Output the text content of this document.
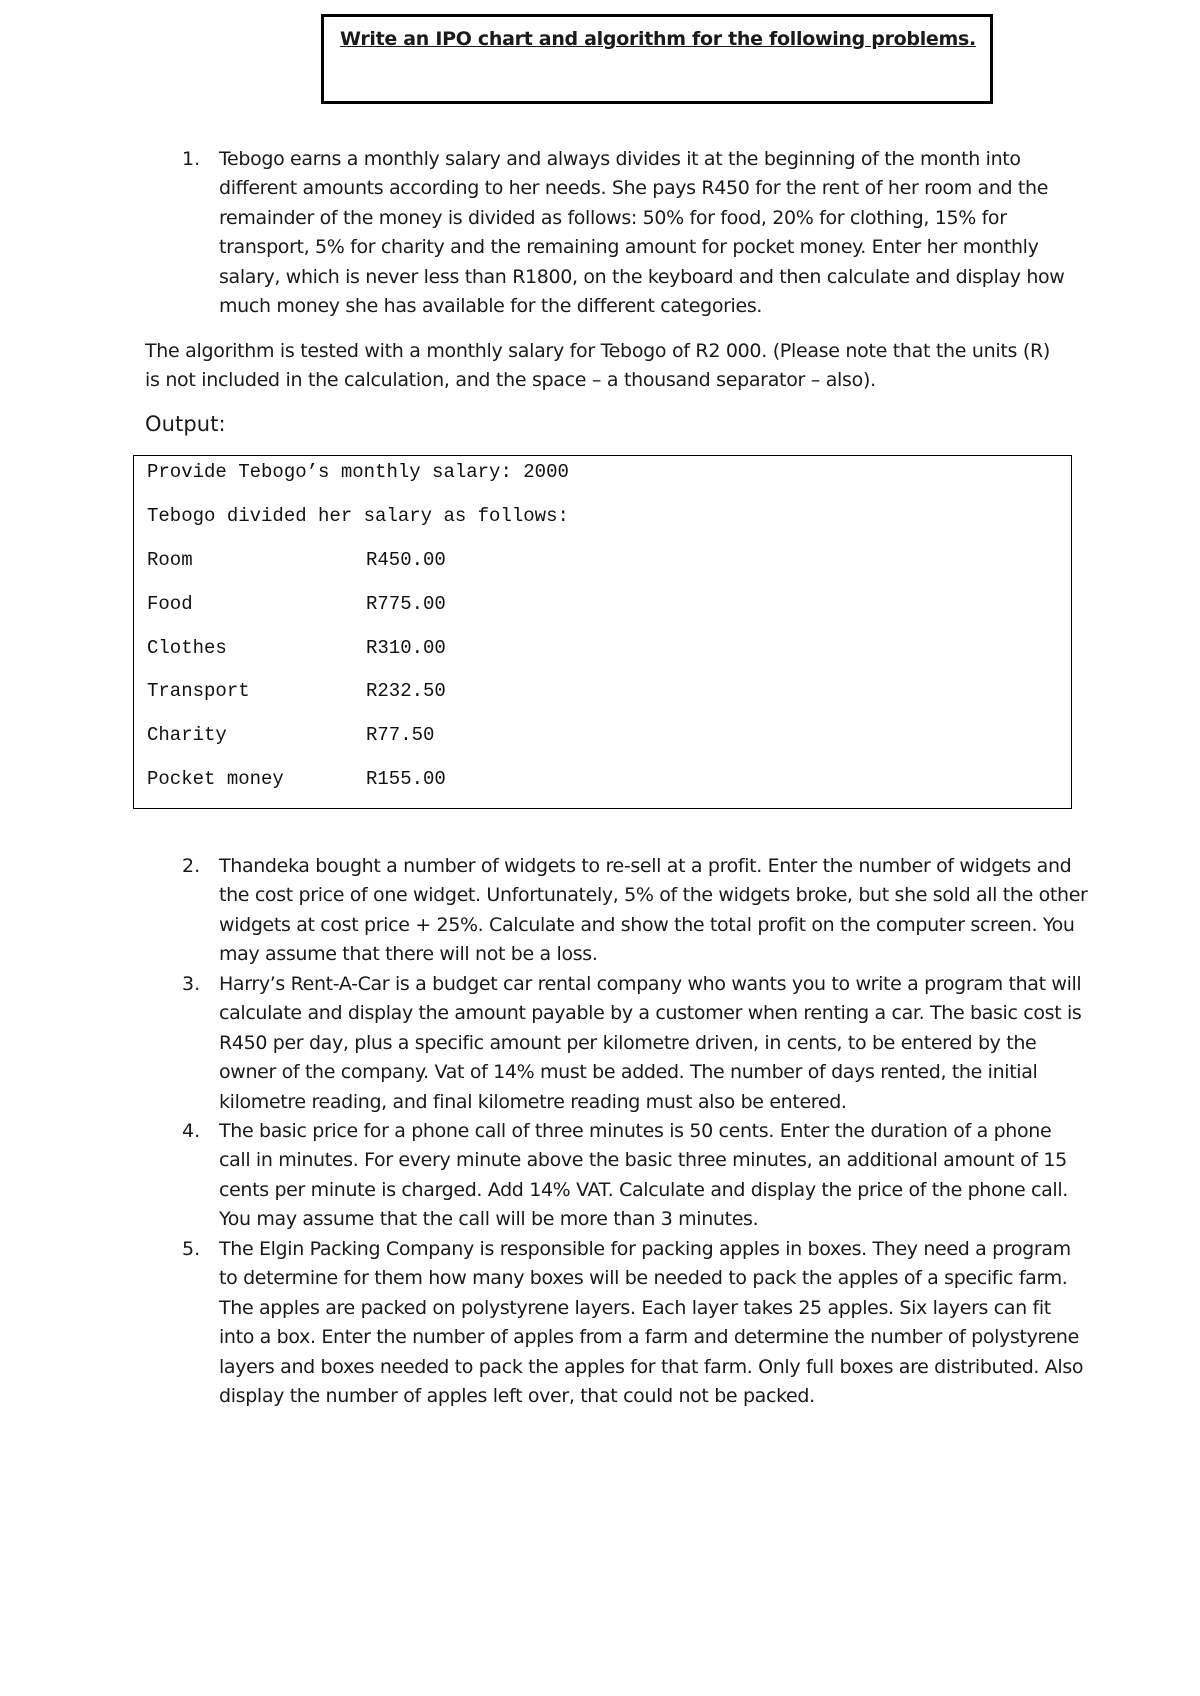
Write an IPO chart and algorithm for the following problems.
1. Tebogo earns a monthly salary and always divides it at the beginning of the month into different amounts according to her needs. She pays R450 for the rent of her room and the remainder of the money is divided as follows: 50% for food, 20% for clothing, 15% for transport, 5% for charity and the remaining amount for pocket money. Enter her monthly salary, which is never less than R1800, on the keyboard and then calculate and display how much money she has available for the different categories.
The algorithm is tested with a monthly salary for Tebogo of R2 000. (Please note that the units (R) is not included in the calculation, and the space – a thousand separator – also).
Output:
Provide Tebogo’s monthly salary: 2000
Tebogo divided her salary as follows:
Room	R450.00
Food	R775.00
Clothes	R310.00
Transport	R232.50
Charity	R77.50
Pocket money	R155.00
2. Thandeka bought a number of widgets to re-sell at a profit. Enter the number of widgets and the cost price of one widget. Unfortunately, 5% of the widgets broke, but she sold all the other widgets at cost price + 25%. Calculate and show the total profit on the computer screen. You may assume that there will not be a loss.
3. Harry’s Rent-A-Car is a budget car rental company who wants you to write a program that will calculate and display the amount payable by a customer when renting a car. The basic cost is R450 per day, plus a specific amount per kilometre driven, in cents, to be entered by the owner of the company. Vat of 14% must be added. The number of days rented, the initial kilometre reading, and final kilometre reading must also be entered.
4. The basic price for a phone call of three minutes is 50 cents. Enter the duration of a phone call in minutes. For every minute above the basic three minutes, an additional amount of 15 cents per minute is charged. Add 14% VAT. Calculate and display the price of the phone call. You may assume that the call will be more than 3 minutes.
5. The Elgin Packing Company is responsible for packing apples in boxes. They need a program to determine for them how many boxes will be needed to pack the apples of a specific farm. The apples are packed on polystyrene layers. Each layer takes 25 apples. Six layers can fit into a box. Enter the number of apples from a farm and determine the number of polystyrene layers and boxes needed to pack the apples for that farm. Only full boxes are distributed. Also display the number of apples left over, that could not be packed.
